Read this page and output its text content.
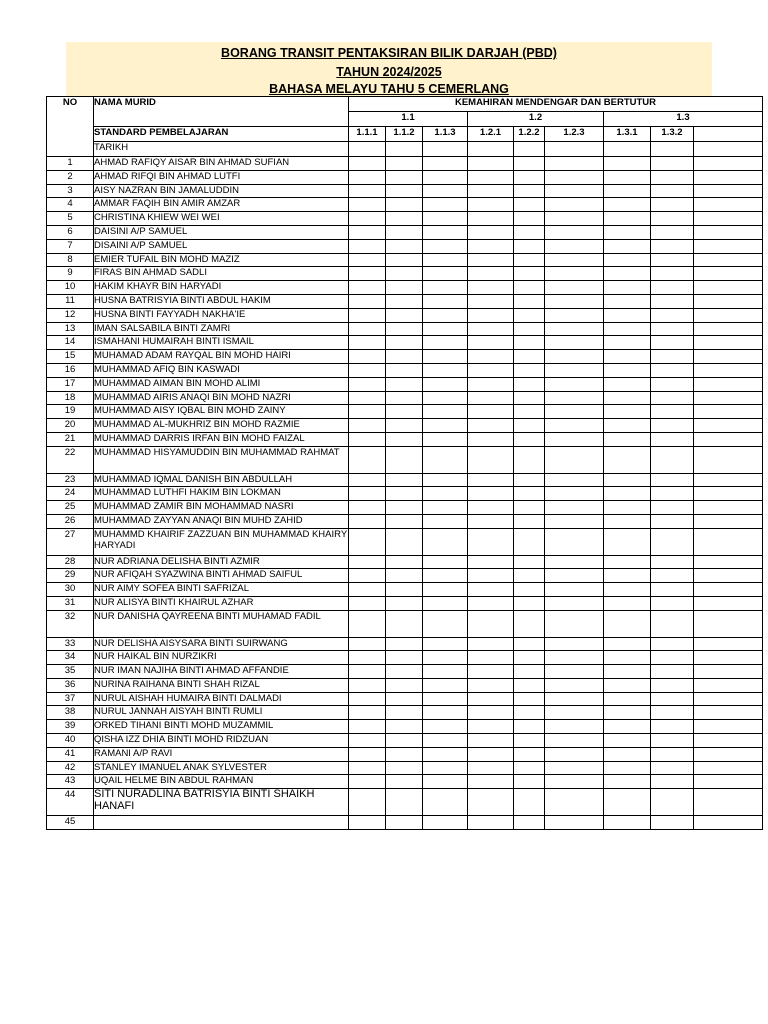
BORANG TRANSIT PENTAKSIRAN BILIK DARJAH (PBD)
TAHUN 2024/2025
BAHASA MELAYU TAHU 5 CEMERLANG
NO	NAMA MURID	KEMAHIRAN MENDENGAR DAN BERTUTUR									
		1.1			1.2			1.3	
	STANDARD PEMBELAJARAN	1.1.1	1.1.2	1.1.3	1.2.1	1.2.2	1.2.3	1.3.1	1.3.2		
	TARIKH										
1	AHMAD RAFIQY AISAR BIN AHMAD SUFIAN										
2	AHMAD RIFQI BIN AHMAD LUTFI										
3	AISY NAZRAN BIN JAMALUDDIN										
4	AMMAR FAQIH BIN AMIR AMZAR										
5	CHRISTINA KHIEW WEI WEI										
6	DAISINI A/P SAMUEL										
7	DISAINI A/P SAMUEL										
8	EMIER TUFAIL BIN MOHD MAZIZ										
9	FIRAS BIN AHMAD SADLI										
10	HAKIM KHAYR BIN HARYADI										
11	HUSNA BATRISYIA BINTI ABDUL HAKIM										
12	HUSNA BINTI FAYYADH NAKHA'IE										
13	IMAN SALSABILA BINTI ZAMRI										
14	ISMAHANI HUMAIRAH BINTI ISMAIL										
15	MUHAMAD ADAM RAYQAL BIN MOHD HAIRI										
16	MUHAMMAD AFIQ BIN KASWADI										
17	MUHAMMAD AIMAN BIN MOHD ALIMI										
18	MUHAMMAD AIRIS ANAQI BIN MOHD NAZRI										
19	MUHAMMAD AISY IQBAL BIN MOHD ZAINY										
20	MUHAMMAD AL-MUKHRIZ BIN MOHD RAZMIE										
21	MUHAMMAD DARRIS IRFAN BIN MOHD FAIZAL										
22	MUHAMMAD HISYAMUDDIN BIN MUHAMMAD RAHMAT										
23	MUHAMMAD IQMAL DANISH BIN ABDULLAH										
24	MUHAMMAD LUTHFI HAKIM BIN LOKMAN										
25	MUHAMMAD ZAMIR BIN MOHAMMAD NASRI										
26	MUHAMMAD ZAYYAN ANAQI BIN MUHD ZAHID										
27	MUHAMMD KHAIRIF ZAZZUAN BIN MUHAMMAD KHAIRY HARYADI										
28	NUR ADRIANA DELISHA BINTI AZMIR										
29	NUR AFIQAH SYAZWINA BINTI AHMAD SAIFUL										
30	NUR AIMY SOFEA BINTI SAFRIZAL										
31	NUR ALISYA BINTI KHAIRUL AZHAR										
32	NUR DANISHA QAYREENA BINTI MUHAMAD FADIL										
33	NUR DELISHA AISYSARA BINTI SUIRWANG										
34	NUR HAIKAL BIN NURZIKRI										
35	NUR IMAN NAJIHA BINTI AHMAD AFFANDIE										
36	NURINA RAIHANA BINTI SHAH RIZAL										
37	NURUL AISHAH HUMAIRA BINTI DALMADI										
38	NURUL JANNAH AISYAH BINTI RUMLI										
39	ORKED TIHANI BINTI MOHD MUZAMMIL										
40	QISHA IZZ DHIA BINTI MOHD RIDZUAN										
41	RAMANI A/P RAVI										
42	STANLEY IMANUEL ANAK SYLVESTER										
43	UQAIL HELME BIN ABDUL RAHMAN										
44	SITI NURADLINA BATRISYIA BINTI SHAIKH HANAFI										
45											
